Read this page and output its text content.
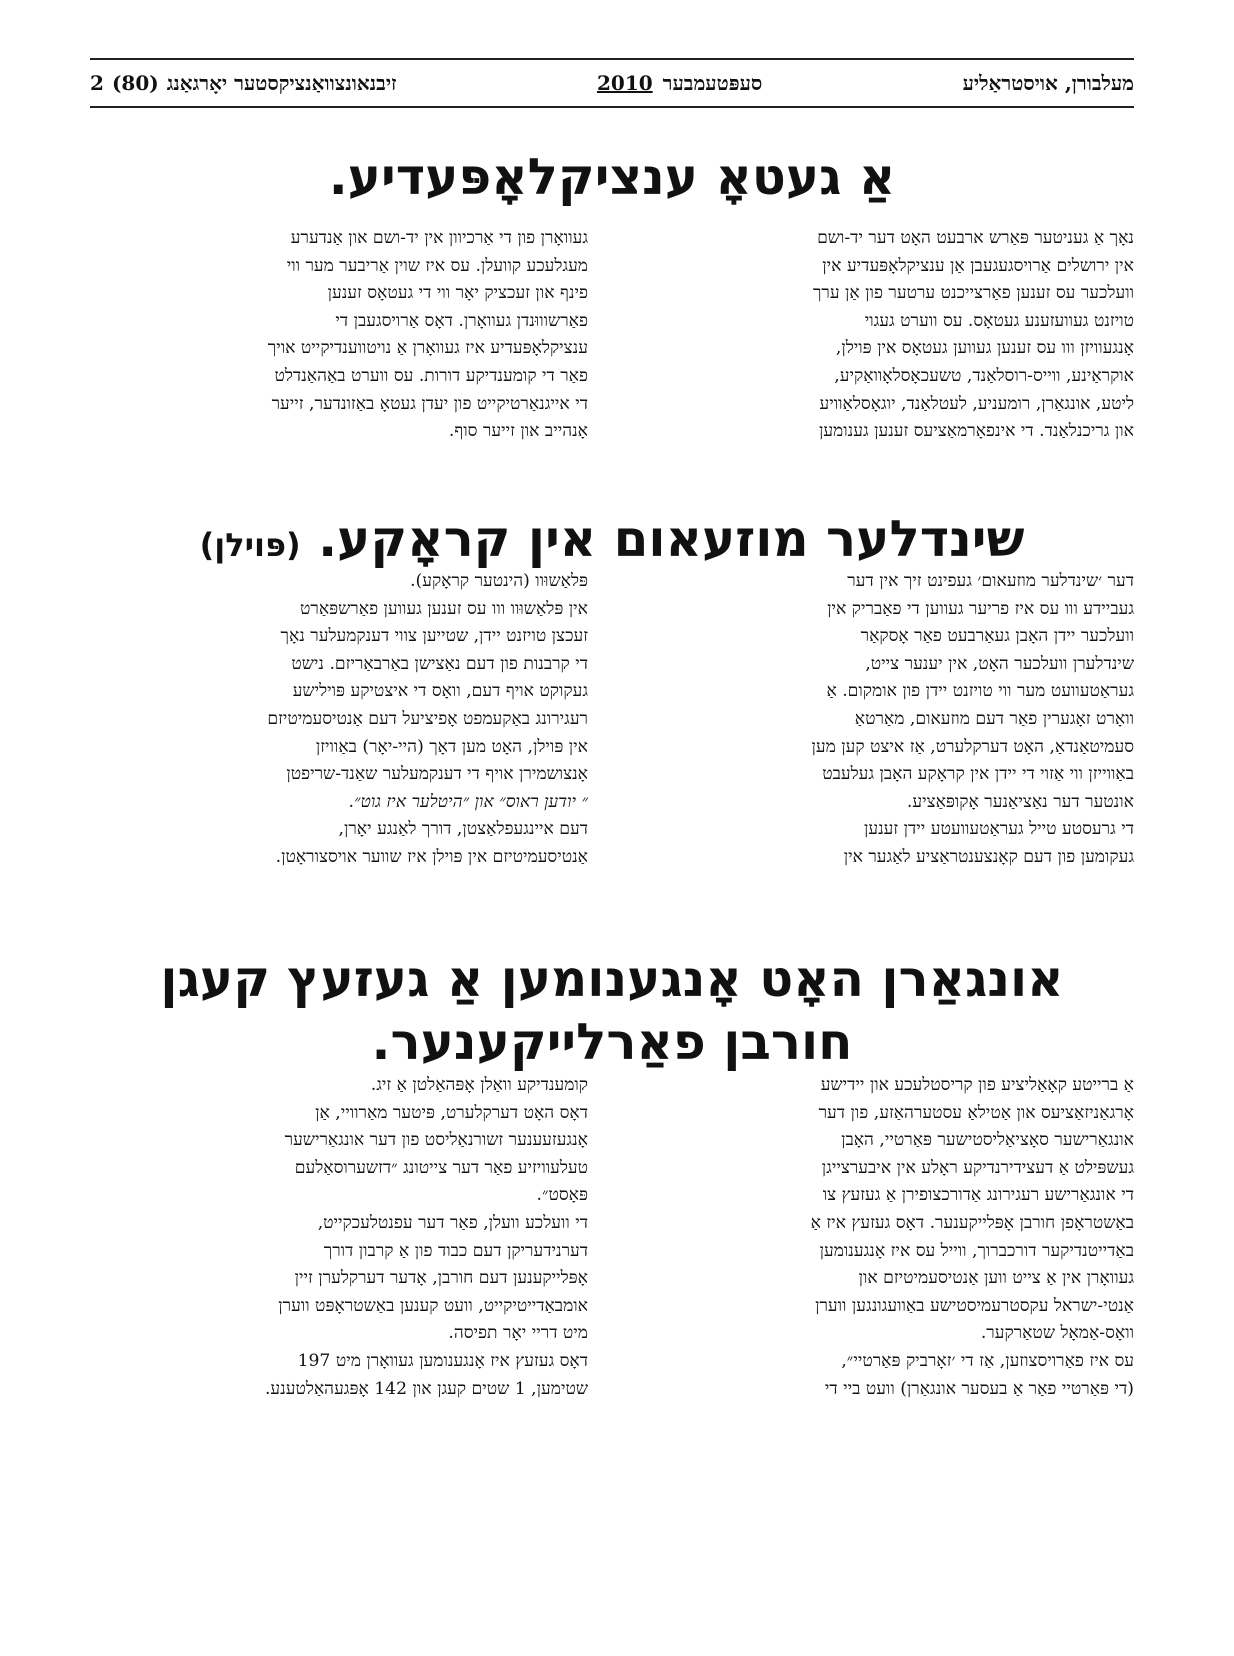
מעלבורן, אויסטראַליע
סעפּטעמבער
2010
זיבנאונצוואַנציקסטער יאָרגאַנג
(80)
2
אַ געטאָ ענציקלאָפּעדיע.

נאָך אַ געניטער פּאַרש ארבעט האָט דער יד-ושם

אין ירושלים אַרויסגעגעבן אַן ענציקלאָפּעדיע אין

וועלכער עס זענען פאַרצייכנט ערטער פון אַן ערך

טויזנט געוועזענע געטאָס. עס ווערט געגוי

אָנגעוויזן ווו עס זענען געווען געטאָס אין פּוילן,

אוקראַינע, ווייס-רוסלאַנד, טשעכאָסלאָוואַקיע,

ליטע, אונגאַרן, רומעניע, לעטלאַנד, יוגאָסלאַוויע

און גריכנלאַנד. די אינפאָרמאַציעס זענען גענומען

געוואָרן פון די אַרכיוון אין יד-ושם און אַנדערע

מעגלעכע קוועלן. עס איז שוין אַריבער מער ווי

פינף און זעכציק יאָר ווי די געטאָס זענען

פאַרשוווּנדן געוואָרן. דאָס אַרויסגעבן די

ענציקלאָפּעדיע איז געוואָרן אַ נויטווענדיקייט אויך

פאַר די קומענדיקע דורות. עס ווערט באַהאַנדלט

די אייגנאַרטיקייט פון יעדן געטאָ באַזונדער, זייער

אָנהייב און זייער סוף.

שינדלער מוזעאום אין קראָקע. (פּוילן)

דער ׳שינדלער מוזעאום׳ געפינט זיך אין דער

געביידע ווו עס איז פריער געווען די פאַבריק אין

וועלכער יידן האָבן געאַרבעט פאַר אָסקאַר

שינדלערן וועלכער האָט, אין יענער צייט,

געראַטעוועט מער ווי טויזנט יידן פון אומקום. אַ

וואָרט זאָגערין פאַר דעם מוזעאום, מאַרטאַ

סעמיטאַנדאַ, האָט דערקלערט, אַז איצט קען מען

באַווייזן ווי אַזוי די יידן אין קראָקע האָבן געלעבט

אונטער דער נאַציאַנער אָקופּאַציע.

די גרעסטע טייל געראַטעוועטע יידן זענען

געקומען פון דעם קאָנצענטראַציע לאַגער אין

פּלאַשוּוו (הינטער קראָקע).

אין פּלאַשוּוו ווו עס זענען געווען פאַרשפּאַרט

זעכצן טויזנט יידן, שטייען צווי דענקמעלער נאָך

די קרבנות פון דעם נאַצישן באַרבאַריזם. נישט

געקוקט אויף דעם, וואָס די איצטיקע פּוילישע

רעגירונג באַקעמפט אָפיציעל דעם אַנטיסעמיטיזם

אין פּוילן, האָט מען דאָך (היי-יאָר) באַוויזן

אָנצושמירן אויף די דענקמעלער שאַנד-שריפטן

״ יודען ראוס״ און ״היטלער איז גוט״.

דעם איינגעפלאַצטן, דורך לאַנגע יאָרן,

אַנטיסעמיטיזם אין פּוילן איז שווער אויסצוראָטן.

אונגאַרן האָט אָנגענומען אַ געזעץ קעגן
חורבן פאַרלייקענער.

אַ ברייטע קאָאַליציע פון קריסטלעכע און יידישע

אָרגאַניזאַציעס און אַטילאַ עסטערהאַזע, פון דער

אונגאַרישער סאָציאַליסטישער פּאַרטיי, האָבן

געשפּילט אַ דעצידירנדיקע ראָלע אין איבערצייגן

די אונגאַרישע רעגירונג אַדורכצופירן אַ געזעץ צו

באַשטראָפן חורבן אָפּלייקענער. דאָס געזעץ איז אַ

באַדייטנדיקער דורכברוך, ווייל עס איז אָנגענומען

געוואָרן אין אַ צייט ווען אַנטיסעמיטיזם און

אַנטי-ישראל עקסטרעמיסטישע באַוועגונגען ווערן

וואָס-אַמאָל שטאַרקער.

עס איז פאַרויסצוזען, אַז די ׳זאָרביק פּאַרטיי״,

(די פּאַרטיי פאַר אַ בעסער אונגאַרן) וועט ביי די

קומענדיקע וואַלן אָפּהאַלטן אַ זיג.

דאָס האָט דערקלערט, פּיטער מאַרוויי, אַן

אָנגעזעענער זשורנאַליסט פון דער אונגאַרישער

טעלעוויזיע פאַר דער צייטונג ״דזשערוסאַלעם

פּאָסט״.

די וועלכע וועלן, פאַר דער עפנטלעכקייט,

דערנידעריקן דעם כבוד פון אַ קרבון דורך

אָפּלייקענען דעם חורבן, אָדער דערקלערן זיין

אומבאַדייטיקייט, וועט קענען באַשטראָפּט ווערן

מיט דריי יאָר תפיסה.

דאָס געזעץ איז אָנגענומען געוואָרן מיט 197

שטימען, 1 שטים קעגן און 142 אָפּגעהאַלטענע.
